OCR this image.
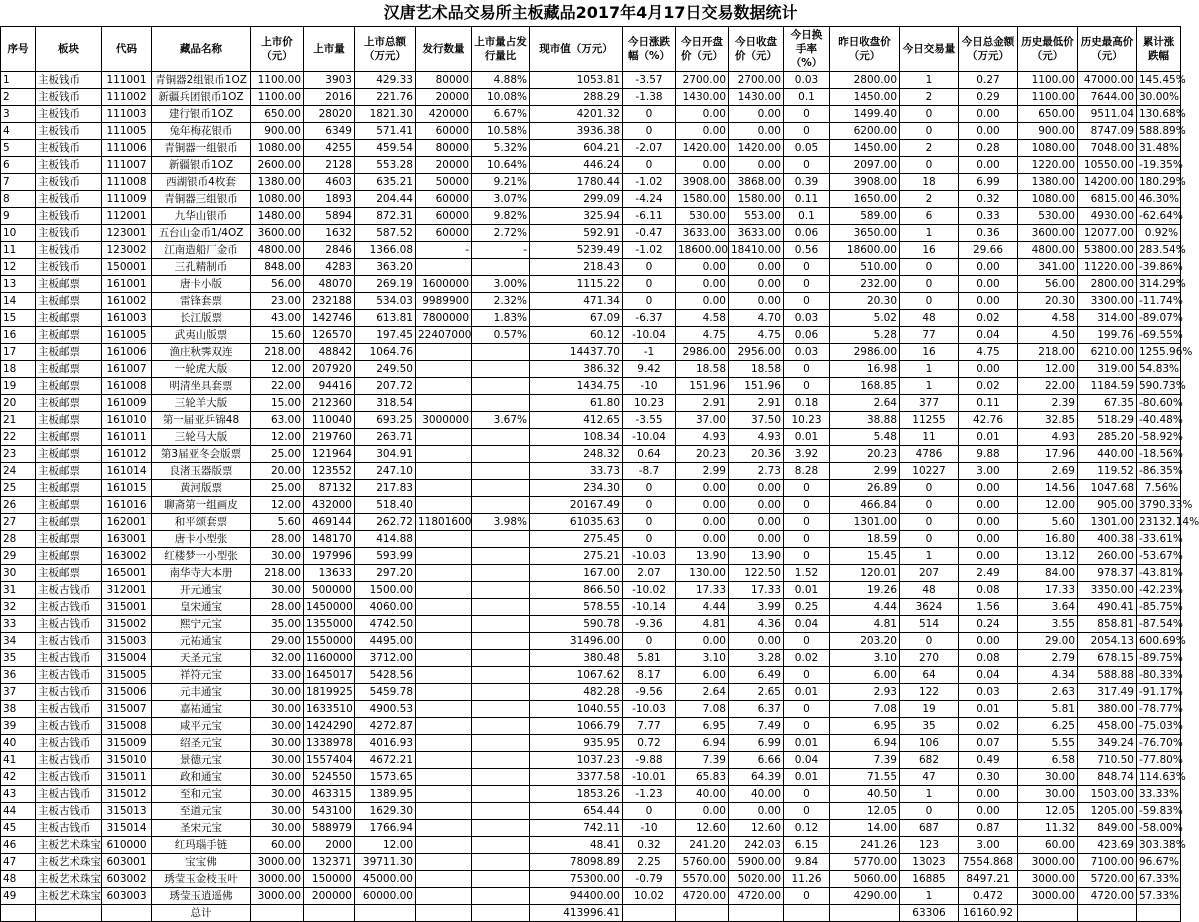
汉唐艺术品交易所主板藏品2017年4月17日交易数据统计																			
序号	板块	代码	藏品名称	上市价（元）	上市量	上市总额（万元）	发行数量	上市量占发行量比	现市值（万元）	今日涨跌幅（%）	今日开盘价（元）	今日收盘价（元）	今日换手率（%）	昨日收盘价（元）	今日交易量	今日总金额（万元）	历史最低价（元）	历史最高价（元）	累计涨跌幅
1	主板钱币	111001	青铜器2组银币1OZ	1100.00	3903	429.33	80000	4.88%	1053.81	-3.57	2700.00	2700.00	0.03	2800.00	1	0.27	1100.00	47000.00	145.45%
2	主板钱币	111002	新疆兵团银币1OZ	1100.00	2016	221.76	20000	10.08%	288.29	-1.38	1430.00	1430.00	0.1	1450.00	2	0.29	1100.00	7644.00	30.00%
3	主板钱币	111003	建行银币1OZ	650.00	28020	1821.30	420000	6.67%	4201.32	0	0.00	0.00	0	1499.40	0	0.00	650.00	9511.04	130.68%
4	主板钱币	111005	兔年梅花银币	900.00	6349	571.41	60000	10.58%	3936.38	0	0.00	0.00	0	6200.00	0	0.00	900.00	8747.09	588.89%
5	主板钱币	111006	青铜器一组银币	1080.00	4255	459.54	80000	5.32%	604.21	-2.07	1420.00	1420.00	0.05	1450.00	2	0.28	1080.00	7048.00	31.48%
6	主板钱币	111007	新疆银币1OZ	2600.00	2128	553.28	20000	10.64%	446.24	0	0.00	0.00	0	2097.00	0	0.00	1220.00	10550.00	-19.35%
7	主板钱币	111008	西湖银币4枚套	1380.00	4603	635.21	50000	9.21%	1780.44	-1.02	3908.00	3868.00	0.39	3908.00	18	6.99	1380.00	14200.00	180.29%
8	主板钱币	111009	青铜器三组银币	1080.00	1893	204.44	60000	3.07%	299.09	-4.24	1580.00	1580.00	0.11	1650.00	2	0.32	1080.00	6815.00	46.30%
9	主板钱币	112001	九华山银币	1480.00	5894	872.31	60000	9.82%	325.94	-6.11	530.00	553.00	0.1	589.00	6	0.33	530.00	4930.00	-62.64%
10	主板钱币	123001	五台山金币1/4OZ	3600.00	1632	587.52	60000	2.72%	592.91	-0.47	3633.00	3633.00	0.06	3650.00	1	0.36	3600.00	12077.00	0.92%
11	主板钱币	123002	江南造船厂金币	4800.00	2846	1366.08	-	-	5239.49	-1.02	18600.00	18410.00	0.56	18600.00	16	29.66	4800.00	53800.00	283.54%
12	主板钱币	150001	三孔精制币	848.00	4283	363.20			218.43	0	0.00	0.00	0	510.00	0	0.00	341.00	11220.00	-39.86%
13	主板邮票	161001	唐卡小版	56.00	48070	269.19	1600000	3.00%	1115.22	0	0.00	0.00	0	232.00	0	0.00	56.00	2800.00	314.29%
14	主板邮票	161002	雷锋套票	23.00	232188	534.03	9989900	2.32%	471.34	0	0.00	0.00	0	20.30	0	0.00	20.30	3300.00	-11.74%
15	主板邮票	161003	长江版票	43.00	142746	613.81	7800000	1.83%	67.09	-6.37	4.58	4.70	0.03	5.02	48	0.02	4.58	314.00	-89.07%
16	主板邮票	161005	武夷山版票	15.60	126570	197.45	22407000	0.57%	60.12	-10.04	4.75	4.75	0.06	5.28	77	0.04	4.50	199.76	-69.55%
17	主板邮票	161006	渔庄秋霁双连	218.00	48842	1064.76			14437.70	-1	2986.00	2956.00	0.03	2986.00	16	4.75	218.00	6210.00	1255.96%
18	主板邮票	161007	一轮虎大版	12.00	207920	249.50			386.32	9.42	18.58	18.58	0	16.98	1	0.00	12.00	319.00	54.83%
19	主板邮票	161008	明清坐具套票	22.00	94416	207.72			1434.75	-10	151.96	151.96	0	168.85	1	0.02	22.00	1184.59	590.73%
20	主板邮票	161009	三轮羊大版	15.00	212360	318.54			61.80	10.23	2.91	2.91	0.18	2.64	377	0.11	2.39	67.35	-80.60%
21	主板邮票	161010	第一届亚乒锦48	63.00	110040	693.25	3000000	3.67%	412.65	-3.55	37.00	37.50	10.23	38.88	11255	42.76	32.85	518.29	-40.48%
22	主板邮票	161011	三轮马大版	12.00	219760	263.71			108.34	-10.04	4.93	4.93	0.01	5.48	11	0.01	4.93	285.20	-58.92%
23	主板邮票	161012	第3届亚冬会版票	25.00	121964	304.91			248.32	0.64	20.23	20.36	3.92	20.23	4786	9.88	17.96	440.00	-18.56%
24	主板邮票	161014	良渚玉器版票	20.00	123552	247.10			33.73	-8.7	2.99	2.73	8.28	2.99	10227	3.00	2.69	119.52	-86.35%
25	主板邮票	161015	黄河版票	25.00	87132	217.83			234.30	0	0.00	0.00	0	26.89	0	0.00	14.56	1047.68	7.56%
26	主板邮票	161016	聊斋第一组画皮	12.00	432000	518.40			20167.49	0	0.00	0.00	0	466.84	0	0.00	12.00	905.00	3790.33%
27	主板邮票	162001	和平颂套票	5.60	469144	262.72	11801600	3.98%	61035.63	0	0.00	0.00	0	1301.00	0	0.00	5.60	1301.00	23132.14%
28	主板邮票	163001	唐卡小型张	28.00	148170	414.88			275.45	0	0.00	0.00	0	18.59	0	0.00	16.80	400.38	-33.61%
29	主板邮票	163002	红楼梦一小型张	30.00	197996	593.99			275.21	-10.03	13.90	13.90	0	15.45	1	0.00	13.12	260.00	-53.67%
30	主板邮票	165001	南华寺大本册	218.00	13633	297.20			167.00	2.07	130.00	122.50	1.52	120.01	207	2.49	84.00	978.37	-43.81%
31	主板古钱币	312001	开元通宝	30.00	500000	1500.00			866.50	-10.02	17.33	17.33	0.01	19.26	48	0.08	17.33	3350.00	-42.23%
32	主板古钱币	315001	皇宋通宝	28.00	1450000	4060.00			578.55	-10.14	4.44	3.99	0.25	4.44	3624	1.56	3.64	490.41	-85.75%
33	主板古钱币	315002	熙宁元宝	35.00	1355000	4742.50			590.78	-9.36	4.81	4.36	0.04	4.81	514	0.24	3.55	858.81	-87.54%
34	主板古钱币	315003	元祐通宝	29.00	1550000	4495.00			31496.00	0	0.00	0.00	0	203.20	0	0.00	29.00	2054.13	600.69%
35	主板古钱币	315004	天圣元宝	32.00	1160000	3712.00			380.48	5.81	3.10	3.28	0.02	3.10	270	0.08	2.79	678.15	-89.75%
36	主板古钱币	315005	祥符元宝	33.00	1645017	5428.56			1067.62	8.17	6.00	6.49	0	6.00	64	0.04	4.34	588.88	-80.33%
37	主板古钱币	315006	元丰通宝	30.00	1819925	5459.78			482.28	-9.56	2.64	2.65	0.01	2.93	122	0.03	2.63	317.49	-91.17%
38	主板古钱币	315007	嘉祐通宝	30.00	1633510	4900.53			1040.55	-10.03	7.08	6.37	0	7.08	19	0.01	5.81	380.00	-78.77%
39	主板古钱币	315008	咸平元宝	30.00	1424290	4272.87			1066.79	7.77	6.95	7.49	0	6.95	35	0.02	6.25	458.00	-75.03%
40	主板古钱币	315009	绍圣元宝	30.00	1338978	4016.93			935.95	0.72	6.94	6.99	0.01	6.94	106	0.07	5.55	349.24	-76.70%
41	主板古钱币	315010	景德元宝	30.00	1557404	4672.21			1037.23	-9.88	7.39	6.66	0.04	7.39	682	0.49	6.58	710.50	-77.80%
42	主板古钱币	315011	政和通宝	30.00	524550	1573.65			3377.58	-10.01	65.83	64.39	0.01	71.55	47	0.30	30.00	848.74	114.63%
43	主板古钱币	315012	至和元宝	30.00	463315	1389.95			1853.26	-1.23	40.00	40.00	0	40.50	1	0.00	30.00	1503.00	33.33%
44	主板古钱币	315013	至道元宝	30.00	543100	1629.30			654.44	0	0.00	0.00	0	12.05	0	0.00	12.05	1205.00	-59.83%
45	主板古钱币	315014	圣宋元宝	30.00	588979	1766.94			742.11	-10	12.60	12.60	0.12	14.00	687	0.87	11.32	849.00	-58.00%
46	主板艺术珠宝	610000	红玛瑙手链	60.00	2000	12.00			48.41	0.32	241.20	242.03	6.15	241.26	123	3.00	60.00	423.69	303.38%
47	主板艺术珠宝	603001	宝宝佛	3000.00	132371	39711.30			78098.89	2.25	5760.00	5900.00	9.84	5770.00	13023	7554.868	3000.00	7100.00	96.67%
48	主板艺术珠宝	603002	琇莹玉金枝玉叶	3000.00	150000	45000.00			75300.00	-0.79	5570.00	5020.00	11.26	5060.00	16885	8497.21	3000.00	5720.00	67.33%
49	主板艺术珠宝	603003	琇莹玉逍遥佛	3000.00	200000	60000.00			94400.00	10.02	4720.00	4720.00	0	4290.00	1	0.472	3000.00	4720.00	57.33%
			总计						413996.41						63306	16160.92			
